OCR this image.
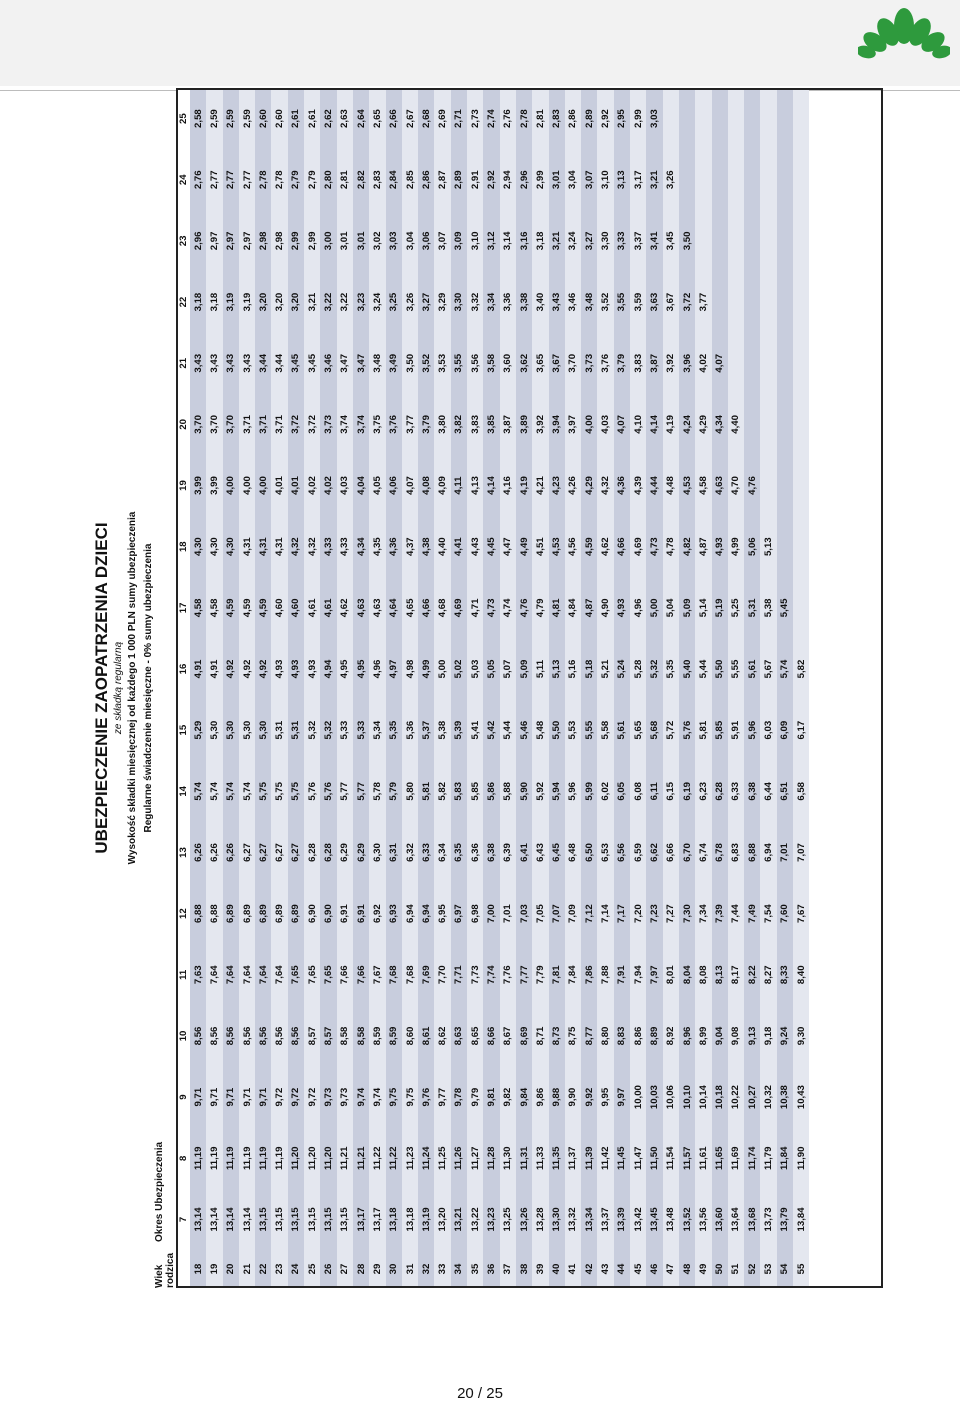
UBEZPIECZENIE ZAOPATRZENIA DZIECI ze składką regularną Wysokość składki miesięcznej od każdego 1 000 PLN sumy ubezpieczenia
Wiek rodzica
Okres Ubezpieczenia
Regularne świadczenie miesięczne - 0% sumy ubezpieczenia
	7	8	9	10	11	12	13	14	15	16	17	18	19	20	21	22	23	24	25
18	13,14	11,19	9,71	8,56	7,63	6,88	6,26	5,74	5,29	4,91	4,58	4,30	3,99	3,70	3,43	3,18	2,96	2,76	2,58
19	13,14	11,19	9,71	8,56	7,64	6,88	6,26	5,74	5,30	4,91	4,58	4,30	3,99	3,70	3,43	3,18	2,97	2,77	2,59
20	13,14	11,19	9,71	8,56	7,64	6,89	6,26	5,74	5,30	4,92	4,59	4,30	4,00	3,70	3,43	3,19	2,97	2,77	2,59
21	13,14	11,19	9,71	8,56	7,64	6,89	6,27	5,74	5,30	4,92	4,59	4,31	4,00	3,71	3,43	3,19	2,97	2,77	2,59
22	13,15	11,19	9,71	8,56	7,64	6,89	6,27	5,75	5,30	4,92	4,59	4,31	4,00	3,71	3,44	3,20	2,98	2,78	2,60
23	13,15	11,19	9,72	8,56	7,64	6,89	6,27	5,75	5,31	4,93	4,60	4,31	4,01	3,71	3,44	3,20	2,98	2,78	2,60
24	13,15	11,20	9,72	8,56	7,65	6,89	6,27	5,75	5,31	4,93	4,60	4,32	4,01	3,72	3,45	3,20	2,99	2,79	2,61
25	13,15	11,20	9,72	8,57	7,65	6,90	6,28	5,76	5,32	4,93	4,61	4,32	4,02	3,72	3,45	3,21	2,99	2,79	2,61
26	13,15	11,20	9,73	8,57	7,65	6,90	6,28	5,76	5,32	4,94	4,61	4,33	4,02	3,73	3,46	3,22	3,00	2,80	2,62
27	13,15	11,21	9,73	8,58	7,66	6,91	6,29	5,77	5,33	4,95	4,62	4,33	4,03	3,74	3,47	3,22	3,01	2,81	2,63
28	13,17	11,21	9,74	8,58	7,66	6,91	6,29	5,77	5,33	4,95	4,63	4,34	4,04	3,74	3,47	3,23	3,01	2,82	2,64
29	13,17	11,22	9,74	8,59	7,67	6,92	6,30	5,78	5,34	4,96	4,63	4,35	4,05	3,75	3,48	3,24	3,02	2,83	2,65
30	13,18	11,22	9,75	8,59	7,68	6,93	6,31	5,79	5,35	4,97	4,64	4,36	4,06	3,76	3,49	3,25	3,03	2,84	2,66
31	13,18	11,23	9,75	8,60	7,68	6,94	6,32	5,80	5,36	4,98	4,65	4,37	4,07	3,77	3,50	3,26	3,04	2,85	2,67
32	13,19	11,24	9,76	8,61	7,69	6,94	6,33	5,81	5,37	4,99	4,66	4,38	4,08	3,79	3,52	3,27	3,06	2,86	2,68
33	13,20	11,25	9,77	8,62	7,70	6,95	6,34	5,82	5,38	5,00	4,68	4,40	4,09	3,80	3,53	3,29	3,07	2,87	2,69
34	13,21	11,26	9,78	8,63	7,71	6,97	6,35	5,83	5,39	5,02	4,69	4,41	4,11	3,82	3,55	3,30	3,09	2,89	2,71
35	13,22	11,27	9,79	8,65	7,73	6,98	6,36	5,85	5,41	5,03	4,71	4,43	4,13	3,83	3,56	3,32	3,10	2,91	2,73
36	13,23	11,28	9,81	8,66	7,74	7,00	6,38	5,86	5,42	5,05	4,73	4,45	4,14	3,85	3,58	3,34	3,12	2,92	2,74
37	13,25	11,30	9,82	8,67	7,76	7,01	6,39	5,88	5,44	5,07	4,74	4,47	4,16	3,87	3,60	3,36	3,14	2,94	2,76
38	13,26	11,31	9,84	8,69	7,77	7,03	6,41	5,90	5,46	5,09	4,76	4,49	4,19	3,89	3,62	3,38	3,16	2,96	2,78
39	13,28	11,33	9,86	8,71	7,79	7,05	6,43	5,92	5,48	5,11	4,79	4,51	4,21	3,92	3,65	3,40	3,18	2,99	2,81
40	13,30	11,35	9,88	8,73	7,81	7,07	6,45	5,94	5,50	5,13	4,81	4,53	4,23	3,94	3,67	3,43	3,21	3,01	2,83
41	13,32	11,37	9,90	8,75	7,84	7,09	6,48	5,96	5,53	5,16	4,84	4,56	4,26	3,97	3,70	3,46	3,24	3,04	2,86
42	13,34	11,39	9,92	8,77	7,86	7,12	6,50	5,99	5,55	5,18	4,87	4,59	4,29	4,00	3,73	3,48	3,27	3,07	2,89
43	13,37	11,42	9,95	8,80	7,88	7,14	6,53	6,02	5,58	5,21	4,90	4,62	4,32	4,03	3,76	3,52	3,30	3,10	2,92
44	13,39	11,45	9,97	8,83	7,91	7,17	6,56	6,05	5,61	5,24	4,93	4,66	4,36	4,07	3,79	3,55	3,33	3,13	2,95
45	13,42	11,47	10,00	8,86	7,94	7,20	6,59	6,08	5,65	5,28	4,96	4,69	4,39	4,10	3,83	3,59	3,37	3,17	2,99
46	13,45	11,50	10,03	8,89	7,97	7,23	6,62	6,11	5,68	5,32	5,00	4,73	4,44	4,14	3,87	3,63	3,41	3,21	3,03
47	13,48	11,54	10,06	8,92	8,01	7,27	6,66	6,15	5,72	5,35	5,04	4,78	4,48	4,19	3,92	3,67	3,45	3,26	
48	13,52	11,57	10,10	8,96	8,04	7,30	6,70	6,19	5,76	5,40	5,09	4,82	4,53	4,24	3,96	3,72	3,50		
49	13,56	11,61	10,14	8,99	8,08	7,34	6,74	6,23	5,81	5,44	5,14	4,87	4,58	4,29	4,02	3,77			
50	13,60	11,65	10,18	9,04	8,13	7,39	6,78	6,28	5,85	5,50	5,19	4,93	4,63	4,34	4,07				
51	13,64	11,69	10,22	9,08	8,17	7,44	6,83	6,33	5,91	5,55	5,25	4,99	4,70	4,40					
52	13,68	11,74	10,27	9,13	8,22	7,49	6,88	6,38	5,96	5,61	5,31	5,06	4,76						
53	13,73	11,79	10,32	9,18	8,27	7,54	6,94	6,44	6,03	5,67	5,38	5,13							
54	13,79	11,84	10,38	9,24	8,33	7,60	7,01	6,51	6,09	5,74	5,45								
55	13,84	11,90	10,43	9,30	8,40	7,67	7,07	6,58	6,17	5,82									
20 / 25
